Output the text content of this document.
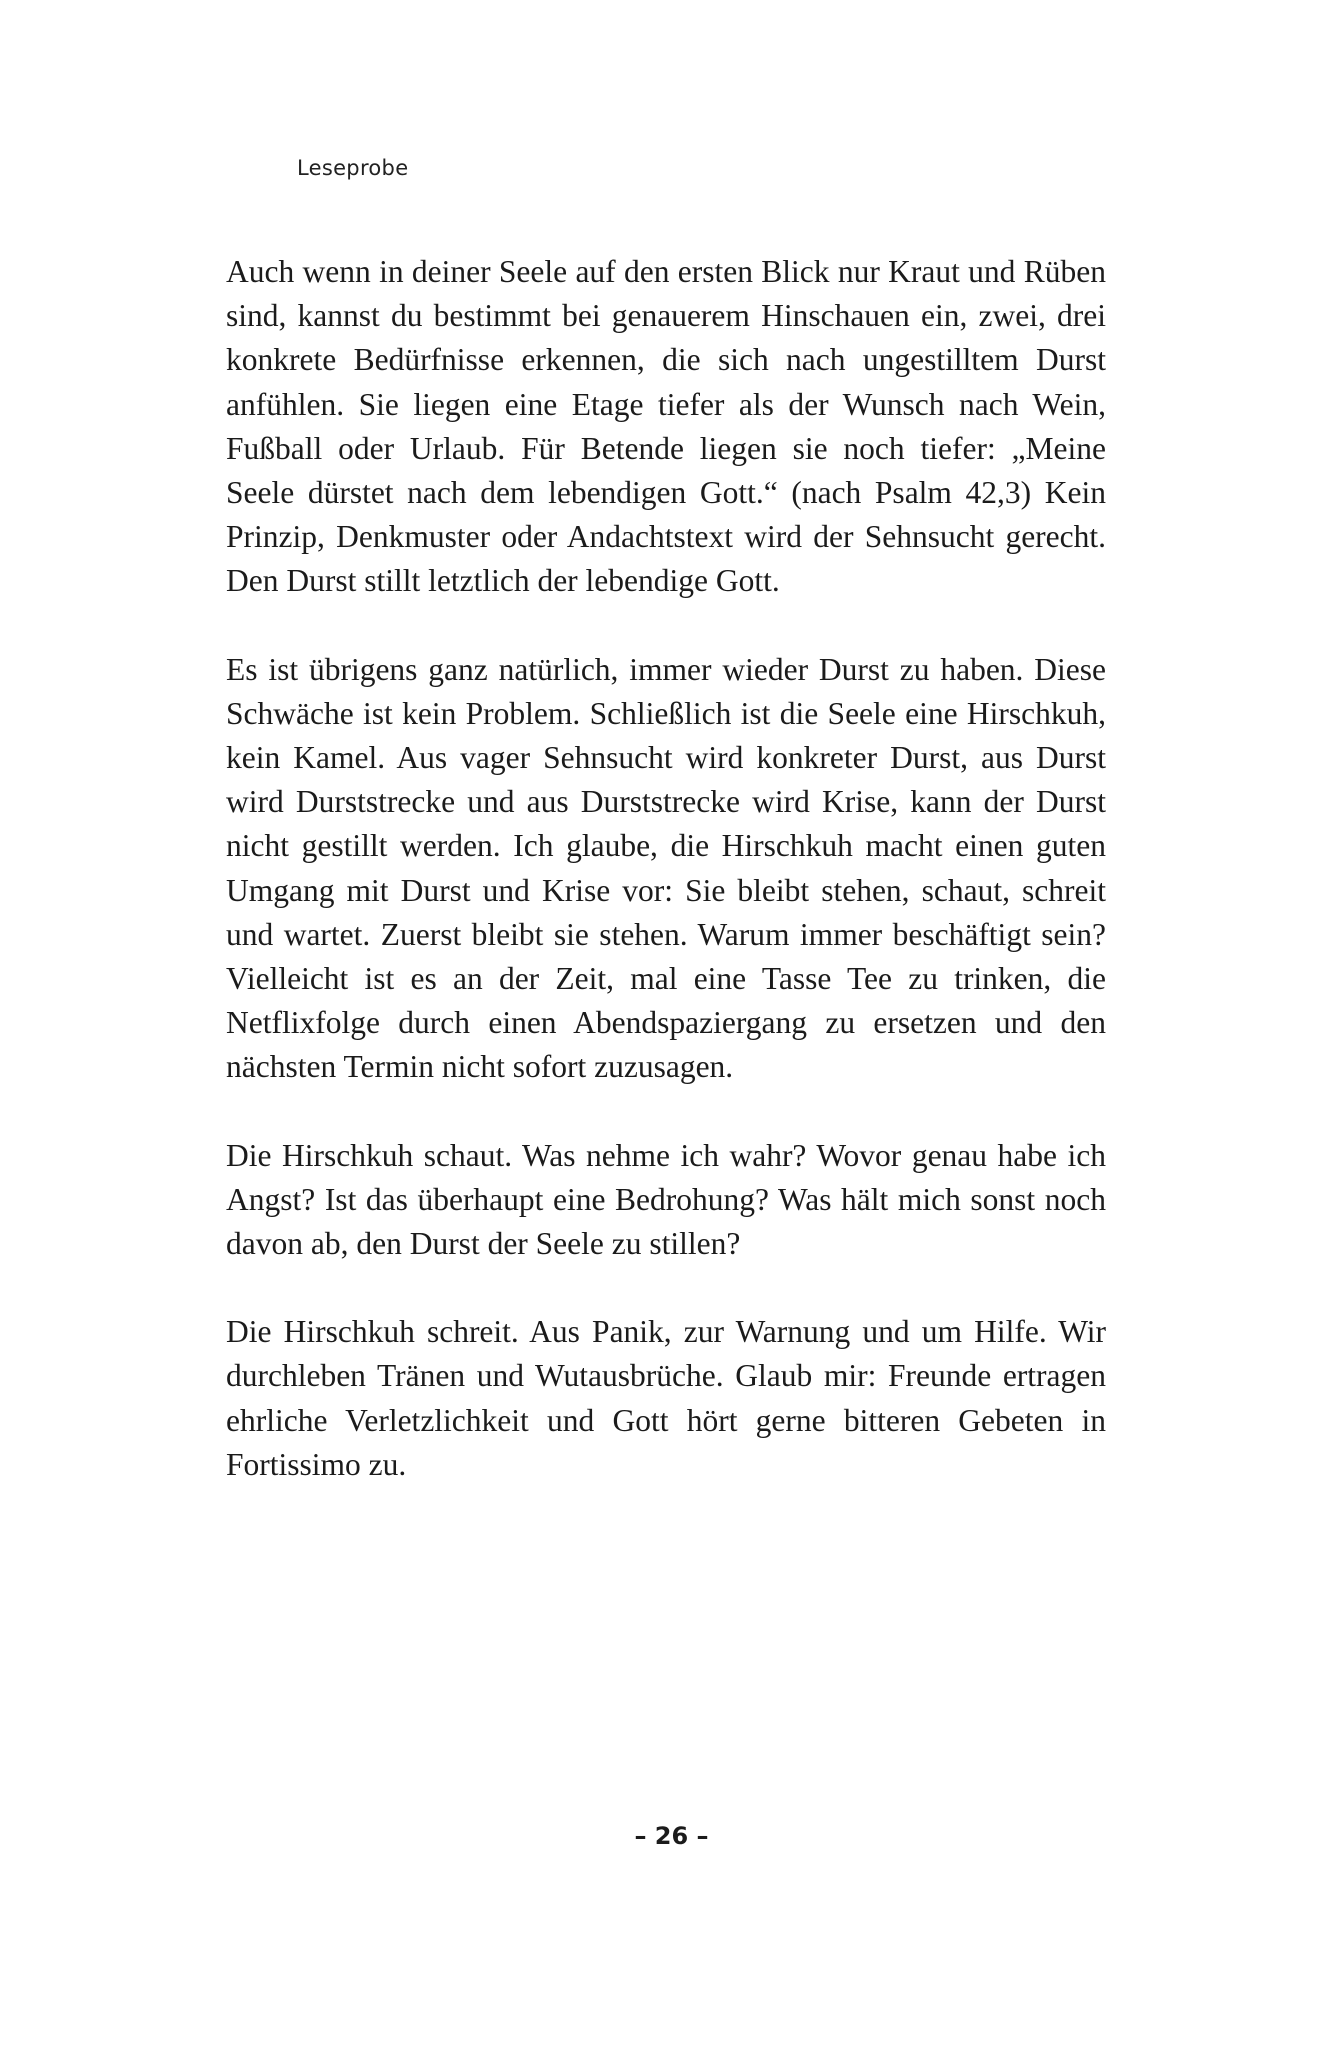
Leseprobe

Auch wenn in deiner Seele auf den ersten Blick nur Kraut und Rüben sind, kannst du bestimmt bei genauerem Hinschauen ein, zwei, drei konkrete Bedürfnisse erkennen, die sich nach ungestilltem Durst anfühlen. Sie liegen eine Etage tiefer als der Wunsch nach Wein, Fußball oder Urlaub. Für Betende liegen sie noch tiefer: „Meine Seele dürstet nach dem lebendigen Gott.“ (nach Psalm 42,3) Kein Prinzip, Denkmuster oder Andachtstext wird der Sehnsucht gerecht. Den Durst stillt letztlich der lebendige Gott.

Es ist übrigens ganz natürlich, immer wieder Durst zu haben. Diese Schwäche ist kein Problem. Schließlich ist die Seele eine Hirschkuh, kein Kamel. Aus vager Sehnsucht wird konkreter Durst, aus Durst wird Durststrecke und aus Durststrecke wird Krise, kann der Durst nicht gestillt werden. Ich glaube, die Hirschkuh macht einen guten Umgang mit Durst und Krise vor: Sie bleibt stehen, schaut, schreit und wartet. Zuerst bleibt sie stehen. Warum immer beschäftigt sein? Vielleicht ist es an der Zeit, mal eine Tasse Tee zu trinken, die Netflixfolge durch einen Abendspaziergang zu ersetzen und den nächsten Termin nicht sofort zuzusagen.

Die Hirschkuh schaut. Was nehme ich wahr? Wovor genau habe ich Angst? Ist das überhaupt eine Bedrohung? Was hält mich sonst noch davon ab, den Durst der Seele zu stillen?

Die Hirschkuh schreit. Aus Panik, zur Warnung und um Hilfe. Wir durchleben Tränen und Wutausbrüche. Glaub mir: Freunde ertragen ehrliche Verletzlichkeit und Gott hört gerne bitteren Gebeten in Fortissimo zu.

– 26 –
